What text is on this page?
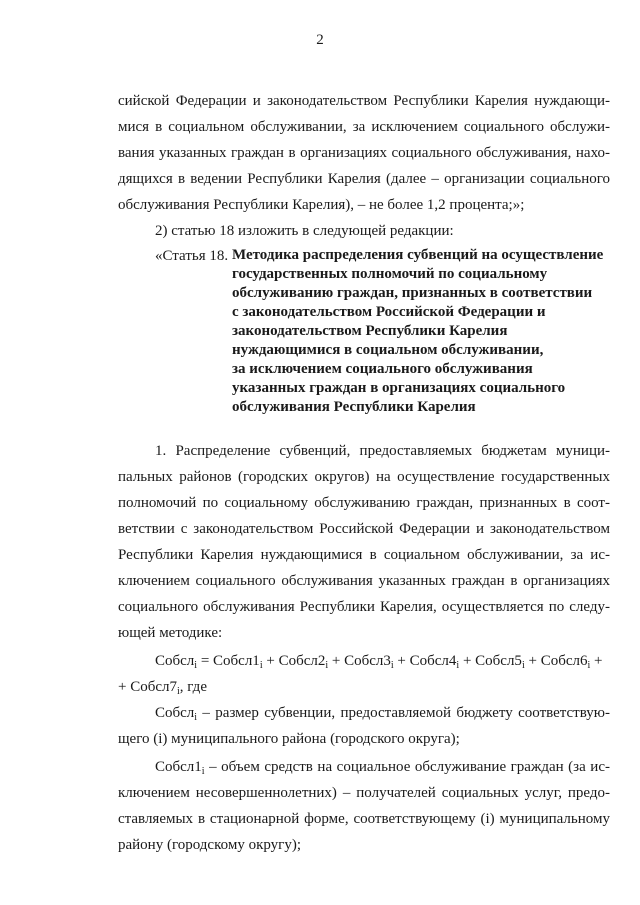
2
сийской Федерации и законодательством Республики Карелия нуждающи-
мися в социальном обслуживании, за исключением социального обслужи-
вания указанных граждан в организациях социального обслуживания, нахо-
дящихся в ведении Республики Карелия (далее – организации социального
обслуживания Республики Карелия), – не более 1,2 процента;»;
2) статью 18 изложить в следующей редакции:
«Статья 18. Методика распределения субвенций на осуществление
государственных полномочий по социальному
обслуживанию граждан, признанных в соответствии
с законодательством Российской Федерации и
законодательством Республики Карелия
нуждающимися в социальном обслуживании,
за исключением социального обслуживания
указанных граждан в организациях социального
обслуживания Республики Карелия
1. Распределение субвенций, предоставляемых бюджетам муници-
пальных районов (городских округов) на осуществление государственных
полномочий по социальному обслуживанию граждан, признанных в соот-
ветствии с законодательством Российской Федерации и законодательством
Республики Карелия нуждающимися в социальном обслуживании, за ис-
ключением социального обслуживания указанных граждан в организациях
социального обслуживания Республики Карелия, осуществляется по следу-
ющей методике:
Собсл$_i$ = $Собсл1_i$ + $Собсл2_i$ + $Собсл3_i$ + $Собсл4_i$ + $Собсл5_i$ + $Собсл6_i$ +
+ $Собсл7_i$, где
Собсл$_i$ – размер субвенции, предоставляемой бюджету соответствую-
щего (i) муниципального района (городского округа);
$Собсл1_i$ – объем средств на социальное обслуживание граждан (за ис-
ключением несовершеннолетних) – получателей социальных услуг, предо-
ставляемых в стационарной форме, соответствующему (i) муниципальному
району (городскому округу);
